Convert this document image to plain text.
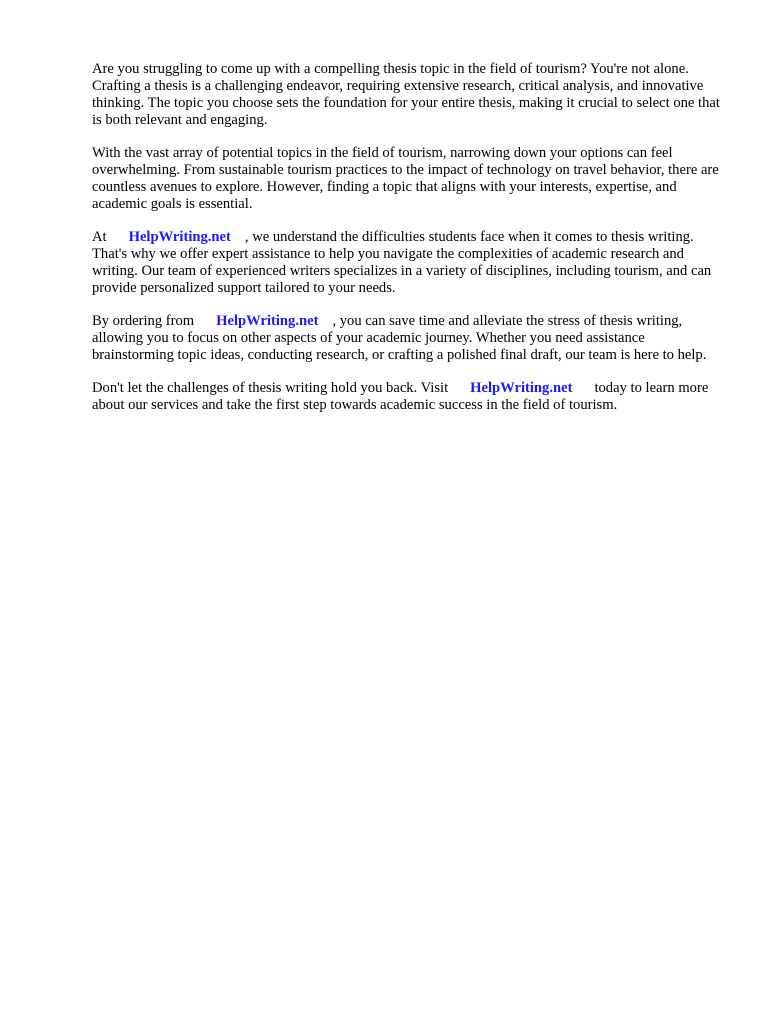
Are you struggling to come up with a compelling thesis topic in the field of tourism? You're not alone. Crafting a thesis is a challenging endeavor, requiring extensive research, critical analysis, and innovative thinking. The topic you choose sets the foundation for your entire thesis, making it crucial to select one that is both relevant and engaging.

With the vast array of potential topics in the field of tourism, narrowing down your options can feel overwhelming. From sustainable tourism practices to the impact of technology on travel behavior, there are countless avenues to explore. However, finding a topic that aligns with your interests, expertise, and academic goals is essential.

At HelpWriting.net , we understand the difficulties students face when it comes to thesis writing. That's why we offer expert assistance to help you navigate the complexities of academic research and writing. Our team of experienced writers specializes in a variety of disciplines, including tourism, and can provide personalized support tailored to your needs.

By ordering from HelpWriting.net , you can save time and alleviate the stress of thesis writing, allowing you to focus on other aspects of your academic journey. Whether you need assistance brainstorming topic ideas, conducting research, or crafting a polished final draft, our team is here to help.

Don't let the challenges of thesis writing hold you back. Visit HelpWriting.net today to learn more about our services and take the first step towards academic success in the field of tourism.
